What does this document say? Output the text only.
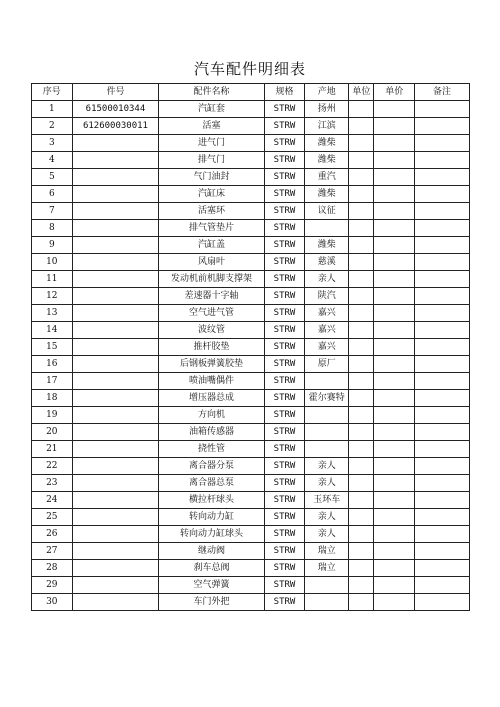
汽车配件明细表
序号	件号	配件名称	规格	产地	单位	单价	备注
1	61500010344	汽缸套	STRW	扬州			
2	612600030011	活塞	STRW	江滨			
3		进气门	STRW	潍柴			
4		排气门	STRW	潍柴			
5		气门油封	STRW	重汽			
6		汽缸床	STRW	潍柴			
7		活塞环	STRW	议征			
8		排气管垫片	STRW				
9		汽缸盖	STRW	潍柴			
10		风扇叶	STRW	慈溪			
11		发动机前机脚支撑架	STRW	亲人			
12		差速器十字轴	STRW	陕汽			
13		空气进气管	STRW	嘉兴			
14		波纹管	STRW	嘉兴			
15		推杆胶垫	STRW	嘉兴			
16		后钢板弹簧胶垫	STRW	原厂			
17		喷油嘴偶件	STRW				
18		增压器总成	STRW	霍尔赛特			
19		方向机	STRW				
20		油箱传感器	STRW				
21		挠性管	STRW				
22		离合器分泵	STRW	亲人			
23		离合器总泵	STRW	亲人			
24		横拉杆球头	STRW	玉环车			
25		转向动力缸	STRW	亲人			
26		转向动力缸球头	STRW	亲人			
27		继动阀	STRW	瑞立			
28		刹车总阀	STRW	瑞立			
29		空气弹簧	STRW				
30		车门外把	STRW				
